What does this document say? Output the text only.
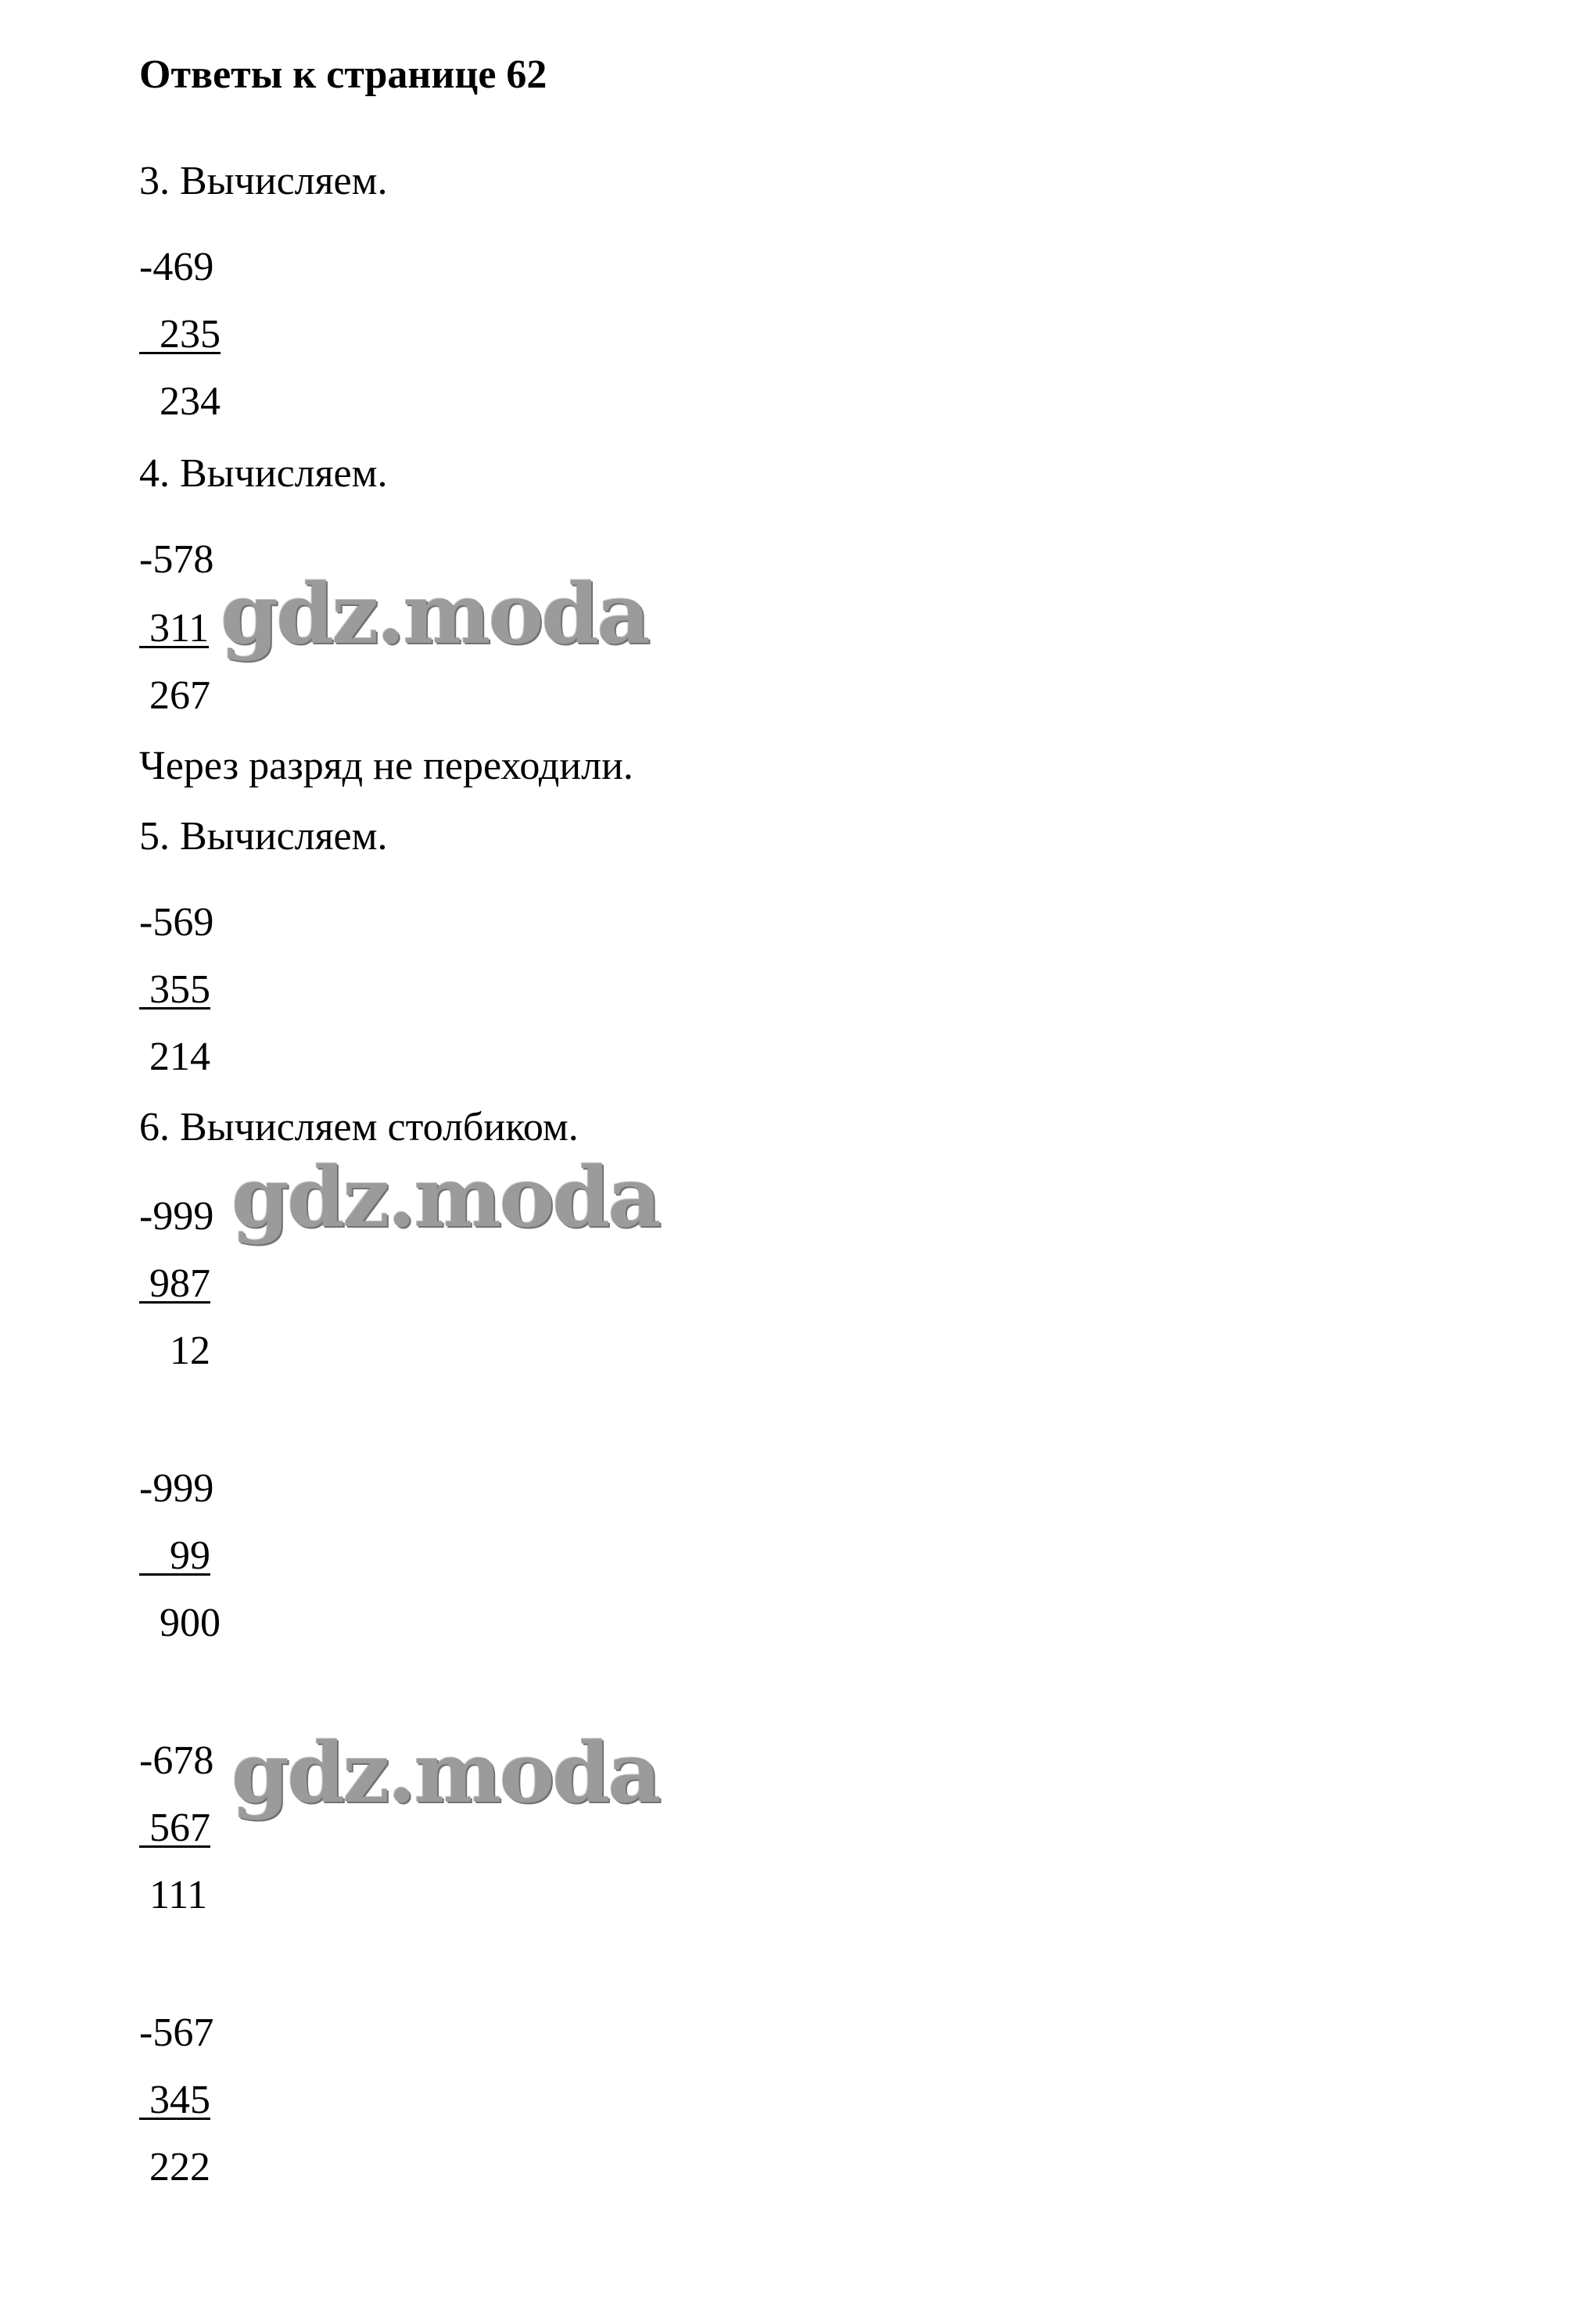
Ответы к странице 62
3. Вычисляем.
-469
235
234
4. Вычисляем.
-578
311
267
Через разряд не переходили.
5. Вычисляем.
-569
355
214
6. Вычисляем столбиком.
-999
987
12
-999
99
900
-678
567
111
-567
345
222
gdz.moda
gdz.moda
gdz.moda
